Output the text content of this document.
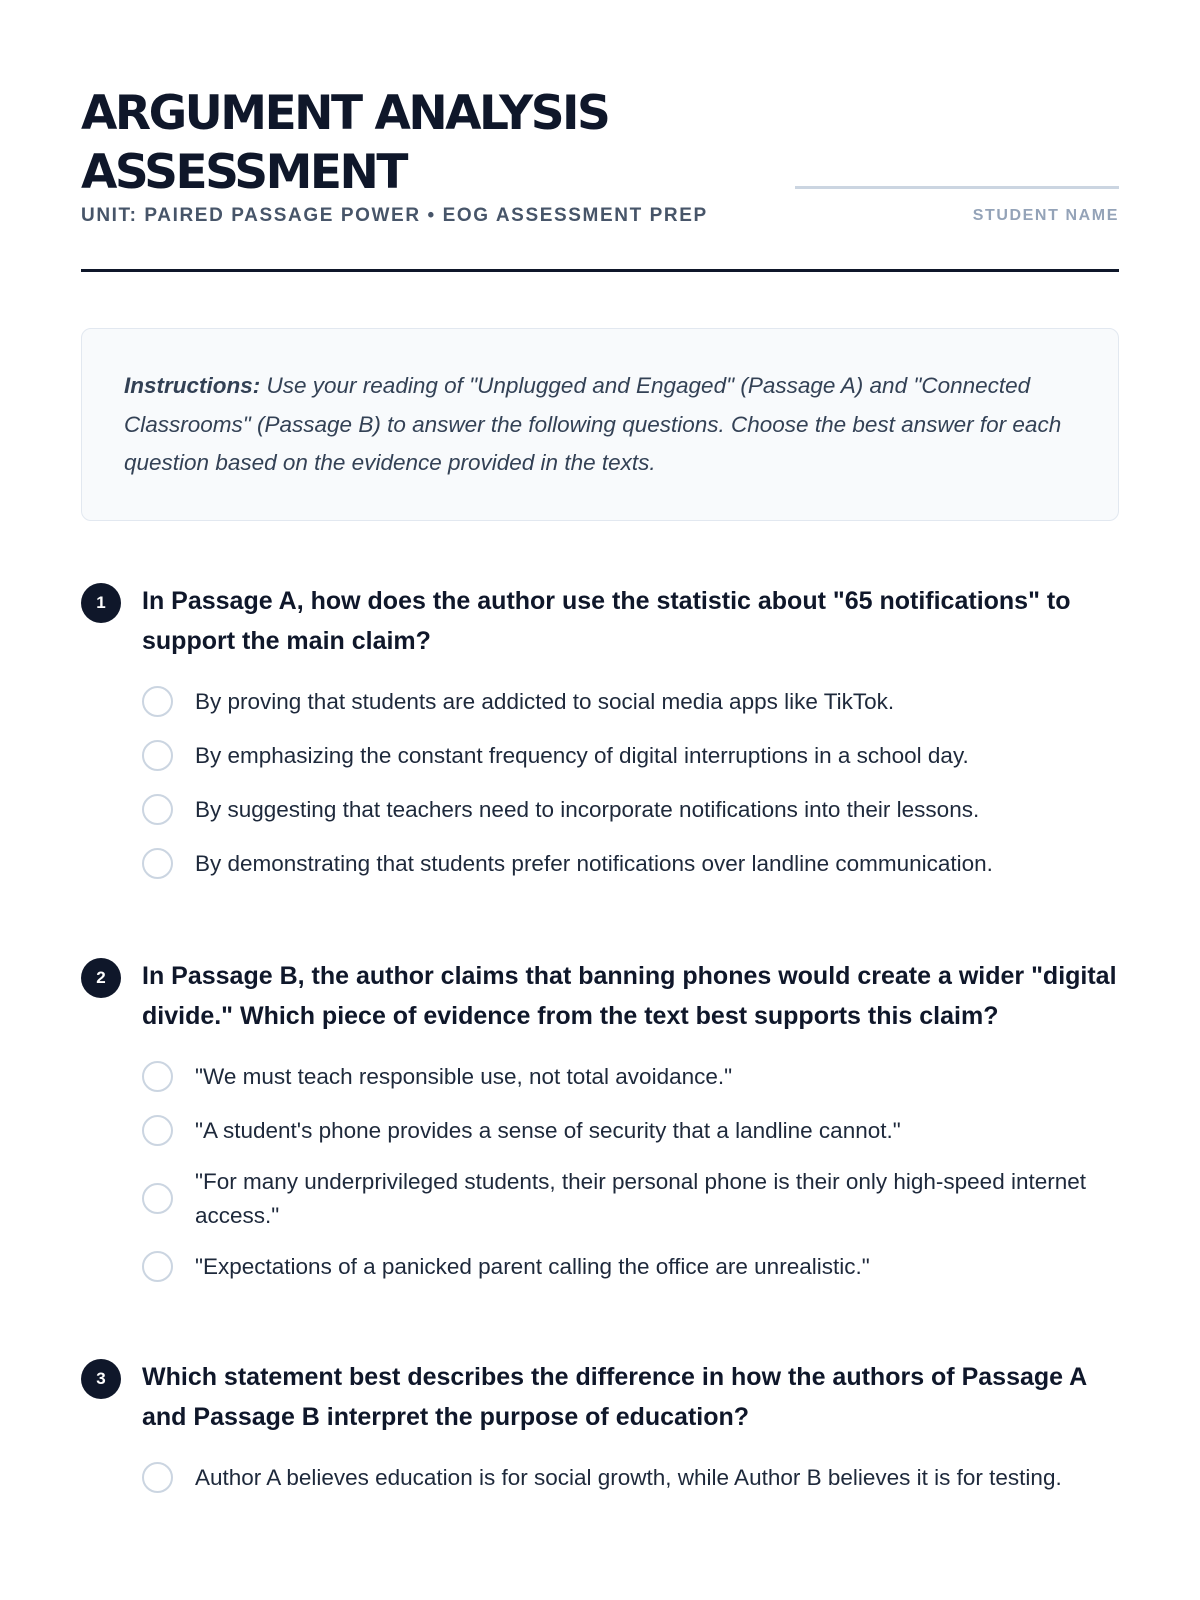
ARGUMENT ANALYSIS
ASSESSMENT
UNIT: PAIRED PASSAGE POWER • EOG ASSESSMENT PREP	STUDENT NAME
Instructions: Use your reading of "Unplugged and Engaged" (Passage A) and "Connected Classrooms" (Passage B) to answer the following questions. Choose the best answer for each question based on the evidence provided in the texts.
1	In Passage A, how does the author use the statistic about "65 notifications" to support the main claim?
By proving that students are addicted to social media apps like TikTok.
By emphasizing the constant frequency of digital interruptions in a school day.
By suggesting that teachers need to incorporate notifications into their lessons.
By demonstrating that students prefer notifications over landline communication.
2	In Passage B, the author claims that banning phones would create a wider "digital divide." Which piece of evidence from the text best supports this claim?
"We must teach responsible use, not total avoidance."
"A student's phone provides a sense of security that a landline cannot."
"For many underprivileged students, their personal phone is their only high-speed internet access."
"Expectations of a panicked parent calling the office are unrealistic."
3	Which statement best describes the difference in how the authors of Passage A and Passage B interpret the purpose of education?
Author A believes education is for social growth, while Author B believes it is for testing.
